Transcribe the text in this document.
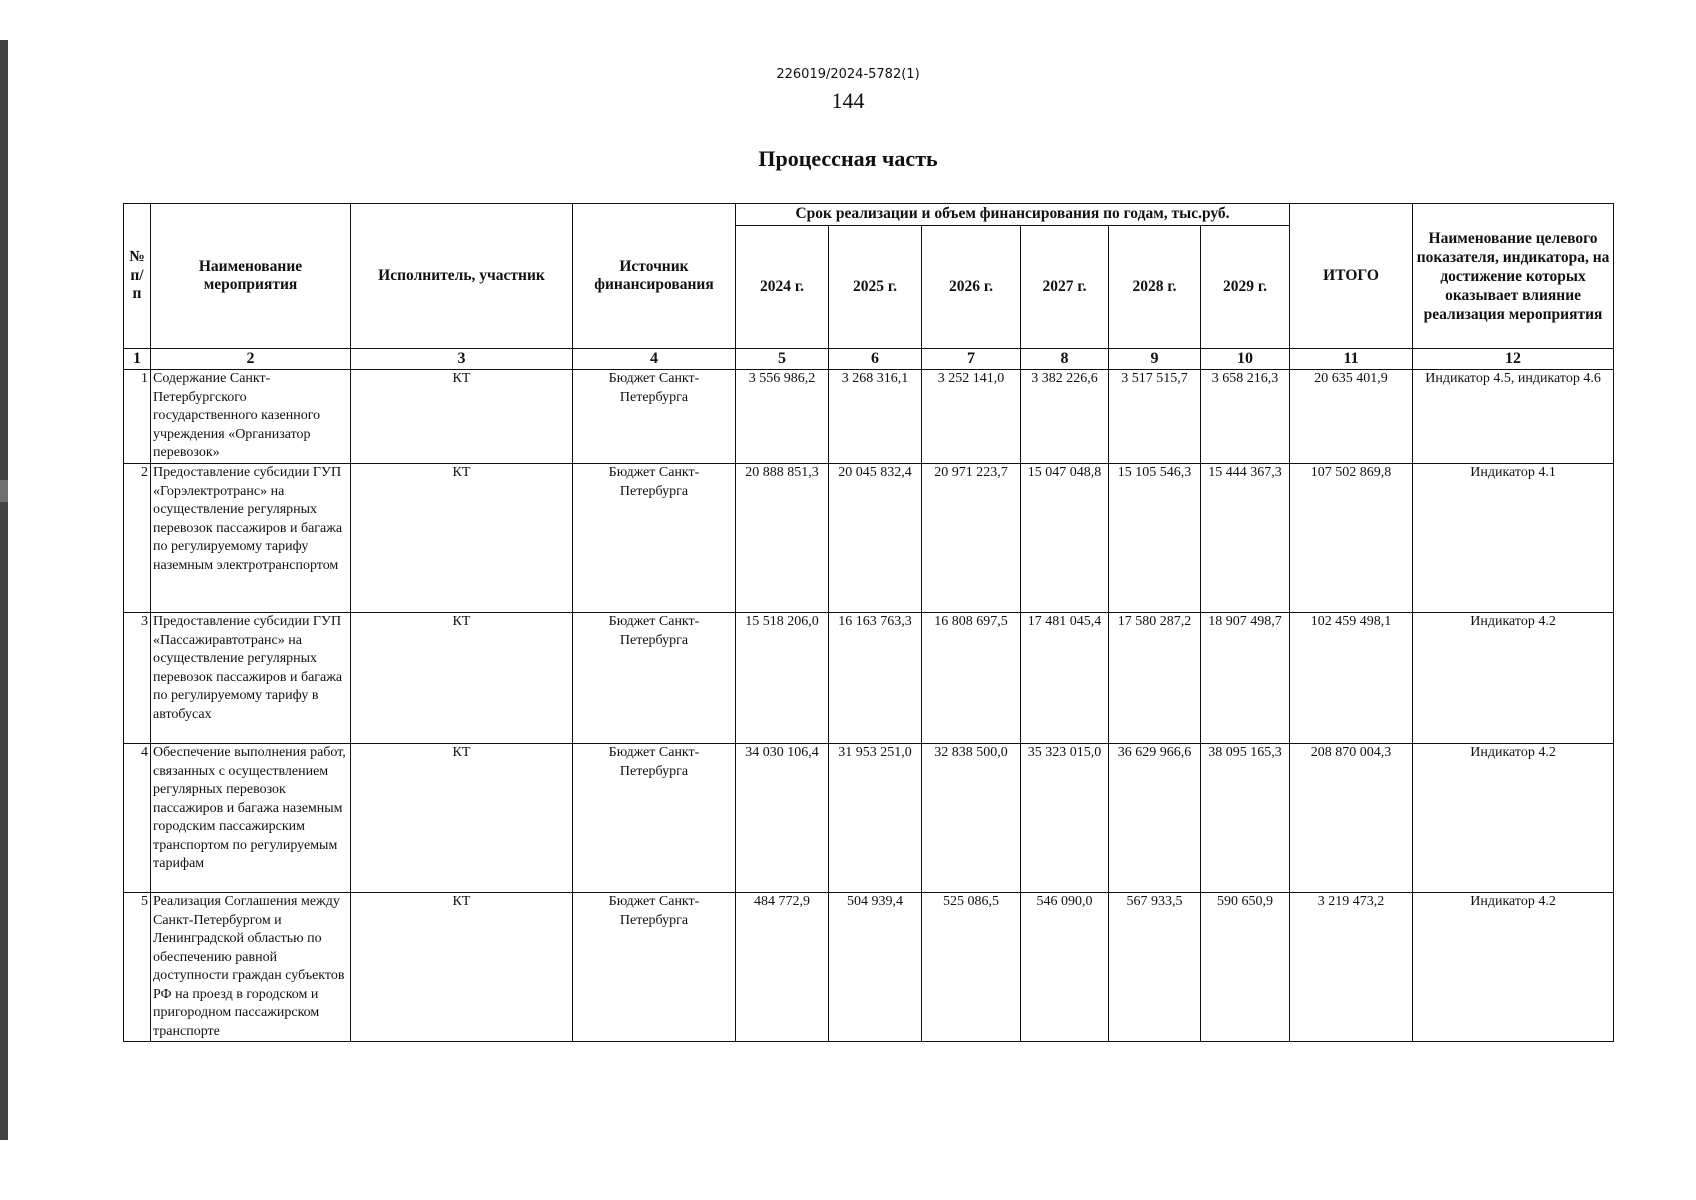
226019/2024-5782(1)
144
Процессная часть
№ п/п	Наименование мероприятия	Исполнитель, участник	Источник финансирования	Срок реализации и объем финансирования по годам, тыс.руб.						ИТОГО	Наименование целевого показателя, индикатора, на достижение которых оказывает влияние реализация мероприятия
				2024 г.	2025 г.	2026 г.	2027 г.	2028 г.	2029 г.		
1	2	3	4	5	6	7	8	9	10	11	12
1	Содержание Санкт-Петербургского государственного казенного учреждения «Организатор перевозок»	КТ	Бюджет Санкт-Петербурга	3 556 986,2	3 268 316,1	3 252 141,0	3 382 226,6	3 517 515,7	3 658 216,3	20 635 401,9	Индикатор 4.5, индикатор 4.6
2	Предоставление субсидии ГУП «Горэлектротранс» на осуществление регулярных перевозок пассажиров и багажа по регулируемому тарифу наземным электротранспортом	КТ	Бюджет Санкт-Петербурга	20 888 851,3	20 045 832,4	20 971 223,7	15 047 048,8	15 105 546,3	15 444 367,3	107 502 869,8	Индикатор 4.1
3	Предоставление субсидии ГУП «Пассажиравтотранс» на осуществление регулярных перевозок пассажиров и багажа по регулируемому тарифу в автобусах	КТ	Бюджет Санкт-Петербурга	15 518 206,0	16 163 763,3	16 808 697,5	17 481 045,4	17 580 287,2	18 907 498,7	102 459 498,1	Индикатор 4.2
4	Обеспечение выполнения работ, связанных с осуществлением регулярных перевозок пассажиров и багажа наземным городским пассажирским транспортом по регулируемым тарифам	КТ	Бюджет Санкт-Петербурга	34 030 106,4	31 953 251,0	32 838 500,0	35 323 015,0	36 629 966,6	38 095 165,3	208 870 004,3	Индикатор 4.2
5	Реализация Соглашения между Санкт-Петербургом и Ленинградской областью по обеспечению равной доступности граждан субъектов РФ на проезд в городском и пригородном пассажирском транспорте	КТ	Бюджет Санкт-Петербурга	484 772,9	504 939,4	525 086,5	546 090,0	567 933,5	590 650,9	3 219 473,2	Индикатор 4.2
